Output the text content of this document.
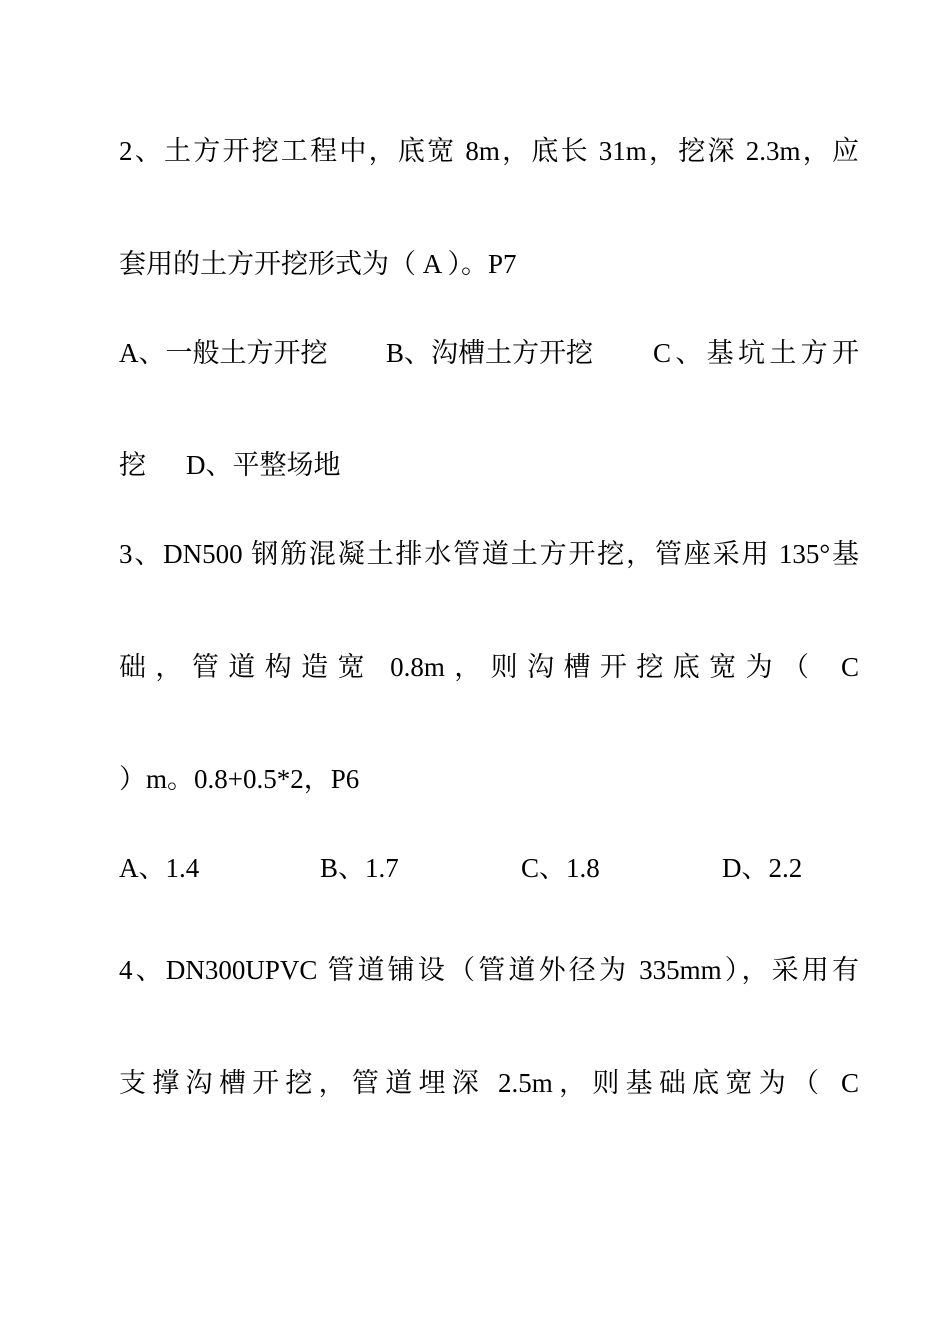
2、土方开挖工程中，底宽 8m，底长 31m，挖深 2.3m，应
套用的土方开挖形式为（ A ）。P7
A、一般土方开挖 B、沟槽土方开挖 C、基坑土方开
挖 D、平整场地
3、DN500 钢筋混凝土排水管道土方开挖，管座采用 135°基
础，管道构造宽 0.8m，则沟槽开挖底宽为（ C
）m。0.8+0.5*2，P6
A、1.4	B、1.7	C、1.8	D、2.2
4、DN300UPVC 管道铺设（管道外径为 335mm），采用有
支撑沟槽开挖，管道埋深 2.5m，则基础底宽为（ C
